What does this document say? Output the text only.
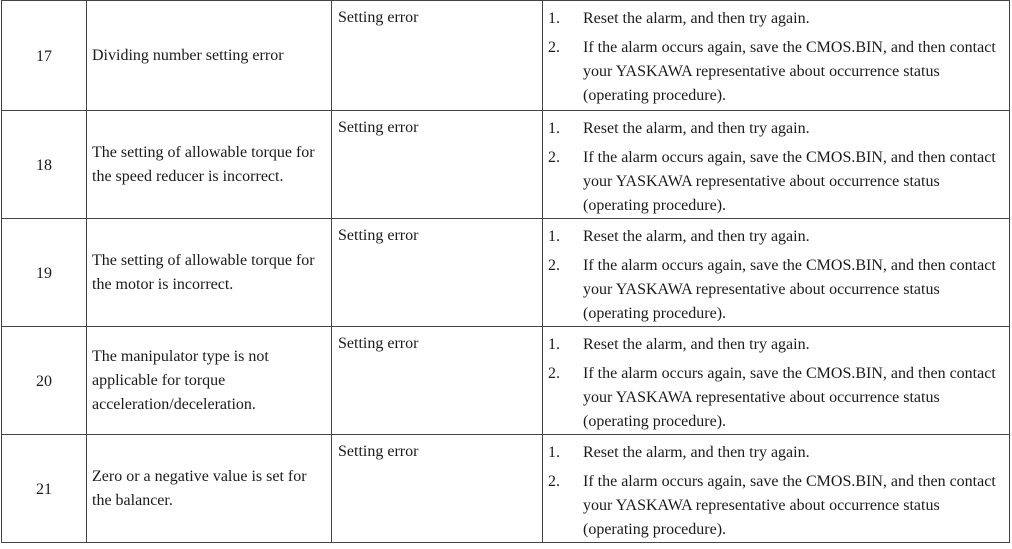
17	Dividing number setting error	Setting error	1. Reset the alarm, and then try again.
2. If the alarm occurs again, save the CMOS.BIN, and then contact your YASKAWA representative about occurrence status (operating procedure).

18	The setting of allowable torque for the speed reducer is incorrect.	Setting error	1. Reset the alarm, and then try again.
2. If the alarm occurs again, save the CMOS.BIN, and then contact your YASKAWA representative about occurrence status (operating procedure).

19	The setting of allowable torque for the motor is incorrect.	Setting error	1. Reset the alarm, and then try again.
2. If the alarm occurs again, save the CMOS.BIN, and then contact your YASKAWA representative about occurrence status (operating procedure).

20	The manipulator type is not applicable for torque acceleration/deceleration.	Setting error	1. Reset the alarm, and then try again.
2. If the alarm occurs again, save the CMOS.BIN, and then contact your YASKAWA representative about occurrence status (operating procedure).

21	Zero or a negative value is set for the balancer.	Setting error	1. Reset the alarm, and then try again.
2. If the alarm occurs again, save the CMOS.BIN, and then contact your YASKAWA representative about occurrence status (operating procedure).
